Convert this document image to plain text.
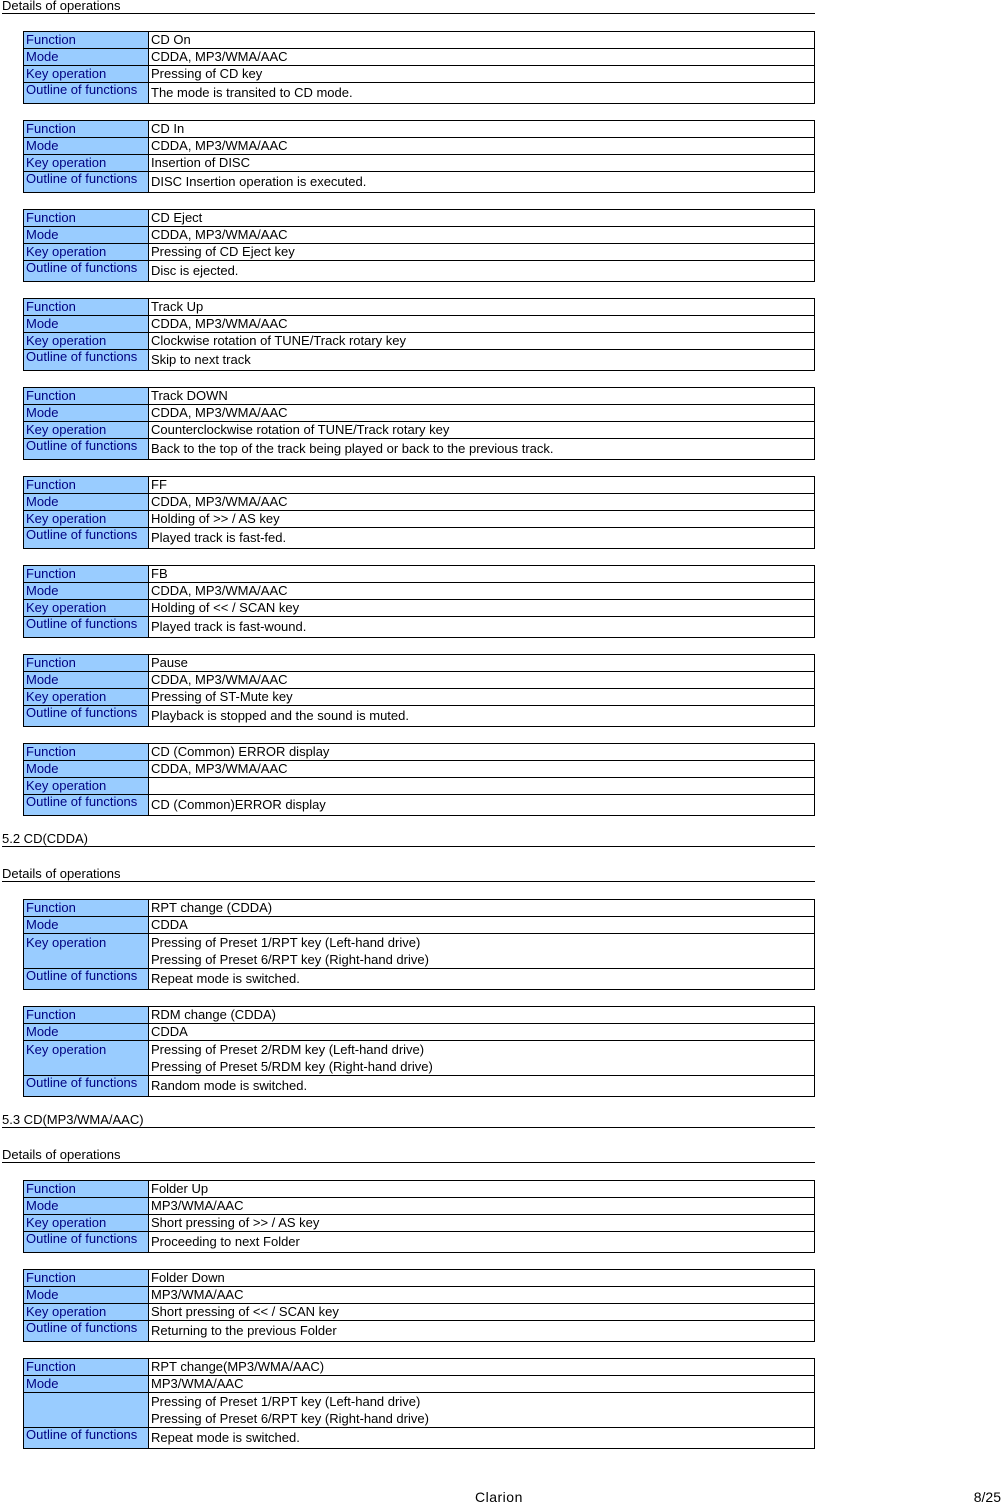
Details of operations
Function	CD On
Mode	CDDA, MP3/WMA/AAC
Key operation	Pressing of CD key
Outline of functions	The mode is transited to CD mode.
Function	CD In
Mode	CDDA, MP3/WMA/AAC
Key operation	Insertion of DISC
Outline of functions	DISC Insertion operation is executed.
Function	CD Eject
Mode	CDDA, MP3/WMA/AAC
Key operation	Pressing of CD Eject key
Outline of functions	Disc is ejected.
Function	Track Up
Mode	CDDA, MP3/WMA/AAC
Key operation	Clockwise rotation of TUNE/Track rotary key
Outline of functions	Skip to next track
Function	Track DOWN
Mode	CDDA, MP3/WMA/AAC
Key operation	Counterclockwise rotation of TUNE/Track rotary key
Outline of functions	Back to the top of the track being played or back to the previous track.
Function	FF
Mode	CDDA, MP3/WMA/AAC
Key operation	Holding of >> / AS key
Outline of functions	Played track is fast-fed.
Function	FB
Mode	CDDA, MP3/WMA/AAC
Key operation	Holding of << / SCAN key
Outline of functions	Played track is fast-wound.
Function	Pause
Mode	CDDA, MP3/WMA/AAC
Key operation	Pressing of ST-Mute key
Outline of functions	Playback is stopped and the sound is muted.
Function	CD (Common) ERROR display
Mode	CDDA, MP3/WMA/AAC
Key operation	
Outline of functions	CD (Common)ERROR display
5.2 CD(CDDA)
Details of operations
Function	RPT change (CDDA)
Mode	CDDA
Key operation	Pressing of Preset 1/RPT key (Left-hand drive)
Pressing of Preset 6/RPT key (Right-hand drive)

Outline of functions	Repeat mode is switched.
Function	RDM change (CDDA)
Mode	CDDA
Key operation	Pressing of Preset 2/RDM key (Left-hand drive)
Pressing of Preset 5/RDM key (Right-hand drive)

Outline of functions	Random mode is switched.
5.3 CD(MP3/WMA/AAC)
Details of operations
Function	Folder Up
Mode	MP3/WMA/AAC
Key operation	Short pressing of >> / AS key
Outline of functions	Proceeding to next Folder
Function	Folder Down
Mode	MP3/WMA/AAC
Key operation	Short pressing of << / SCAN key
Outline of functions	Returning to the previous Folder
Function	RPT change(MP3/WMA/AAC)
Mode	MP3/WMA/AAC

	Pressing of Preset 1/RPT key (Left-hand drive)
Pressing of Preset 6/RPT key (Right-hand drive)

Outline of functions	Repeat mode is switched.
Clarion	8/25
